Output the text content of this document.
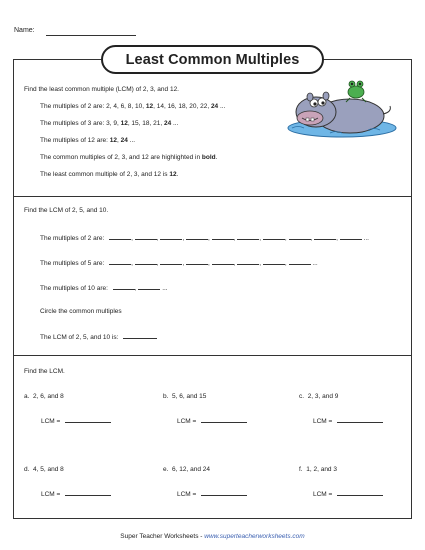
Name:
Least Common Multiples
Find the least common multiple (LCM) of 2, 3, and 12.
The multiples of 2 are: 2, 4, 6, 8, 10, 12, 14, 16, 18, 20, 22, 24 ...
The multiples of 3 are: 3, 9, 12, 15, 18, 21, 24 ...
The multiples of 12 are: 12, 24 ...
The common multiples of 2, 3, and 12 are highlighted in bold.
The least common multiple of 2, 3, and 12 is 12.
Find the LCM of 2, 5, and 10.
The multiples of 2 are:	,	,	,	,	,	,	,	,	,	...
The multiples of 5 are:	,	,	,	,	,	,	,	...
The multiples of 10 are:	,	...
Circle the common multiples
The LCM of 2, 5, and 10 is:
Find the LCM.
a. 2, 6, and 8
LCM =
b. 5, 6, and 15
LCM =
c. 2, 3, and 9
LCM =
d. 4, 5, and 8
LCM =
e. 6, 12, and 24
LCM =
f. 1, 2, and 3
LCM =
Super Teacher Worksheets - www.superteacherworksheets.com
